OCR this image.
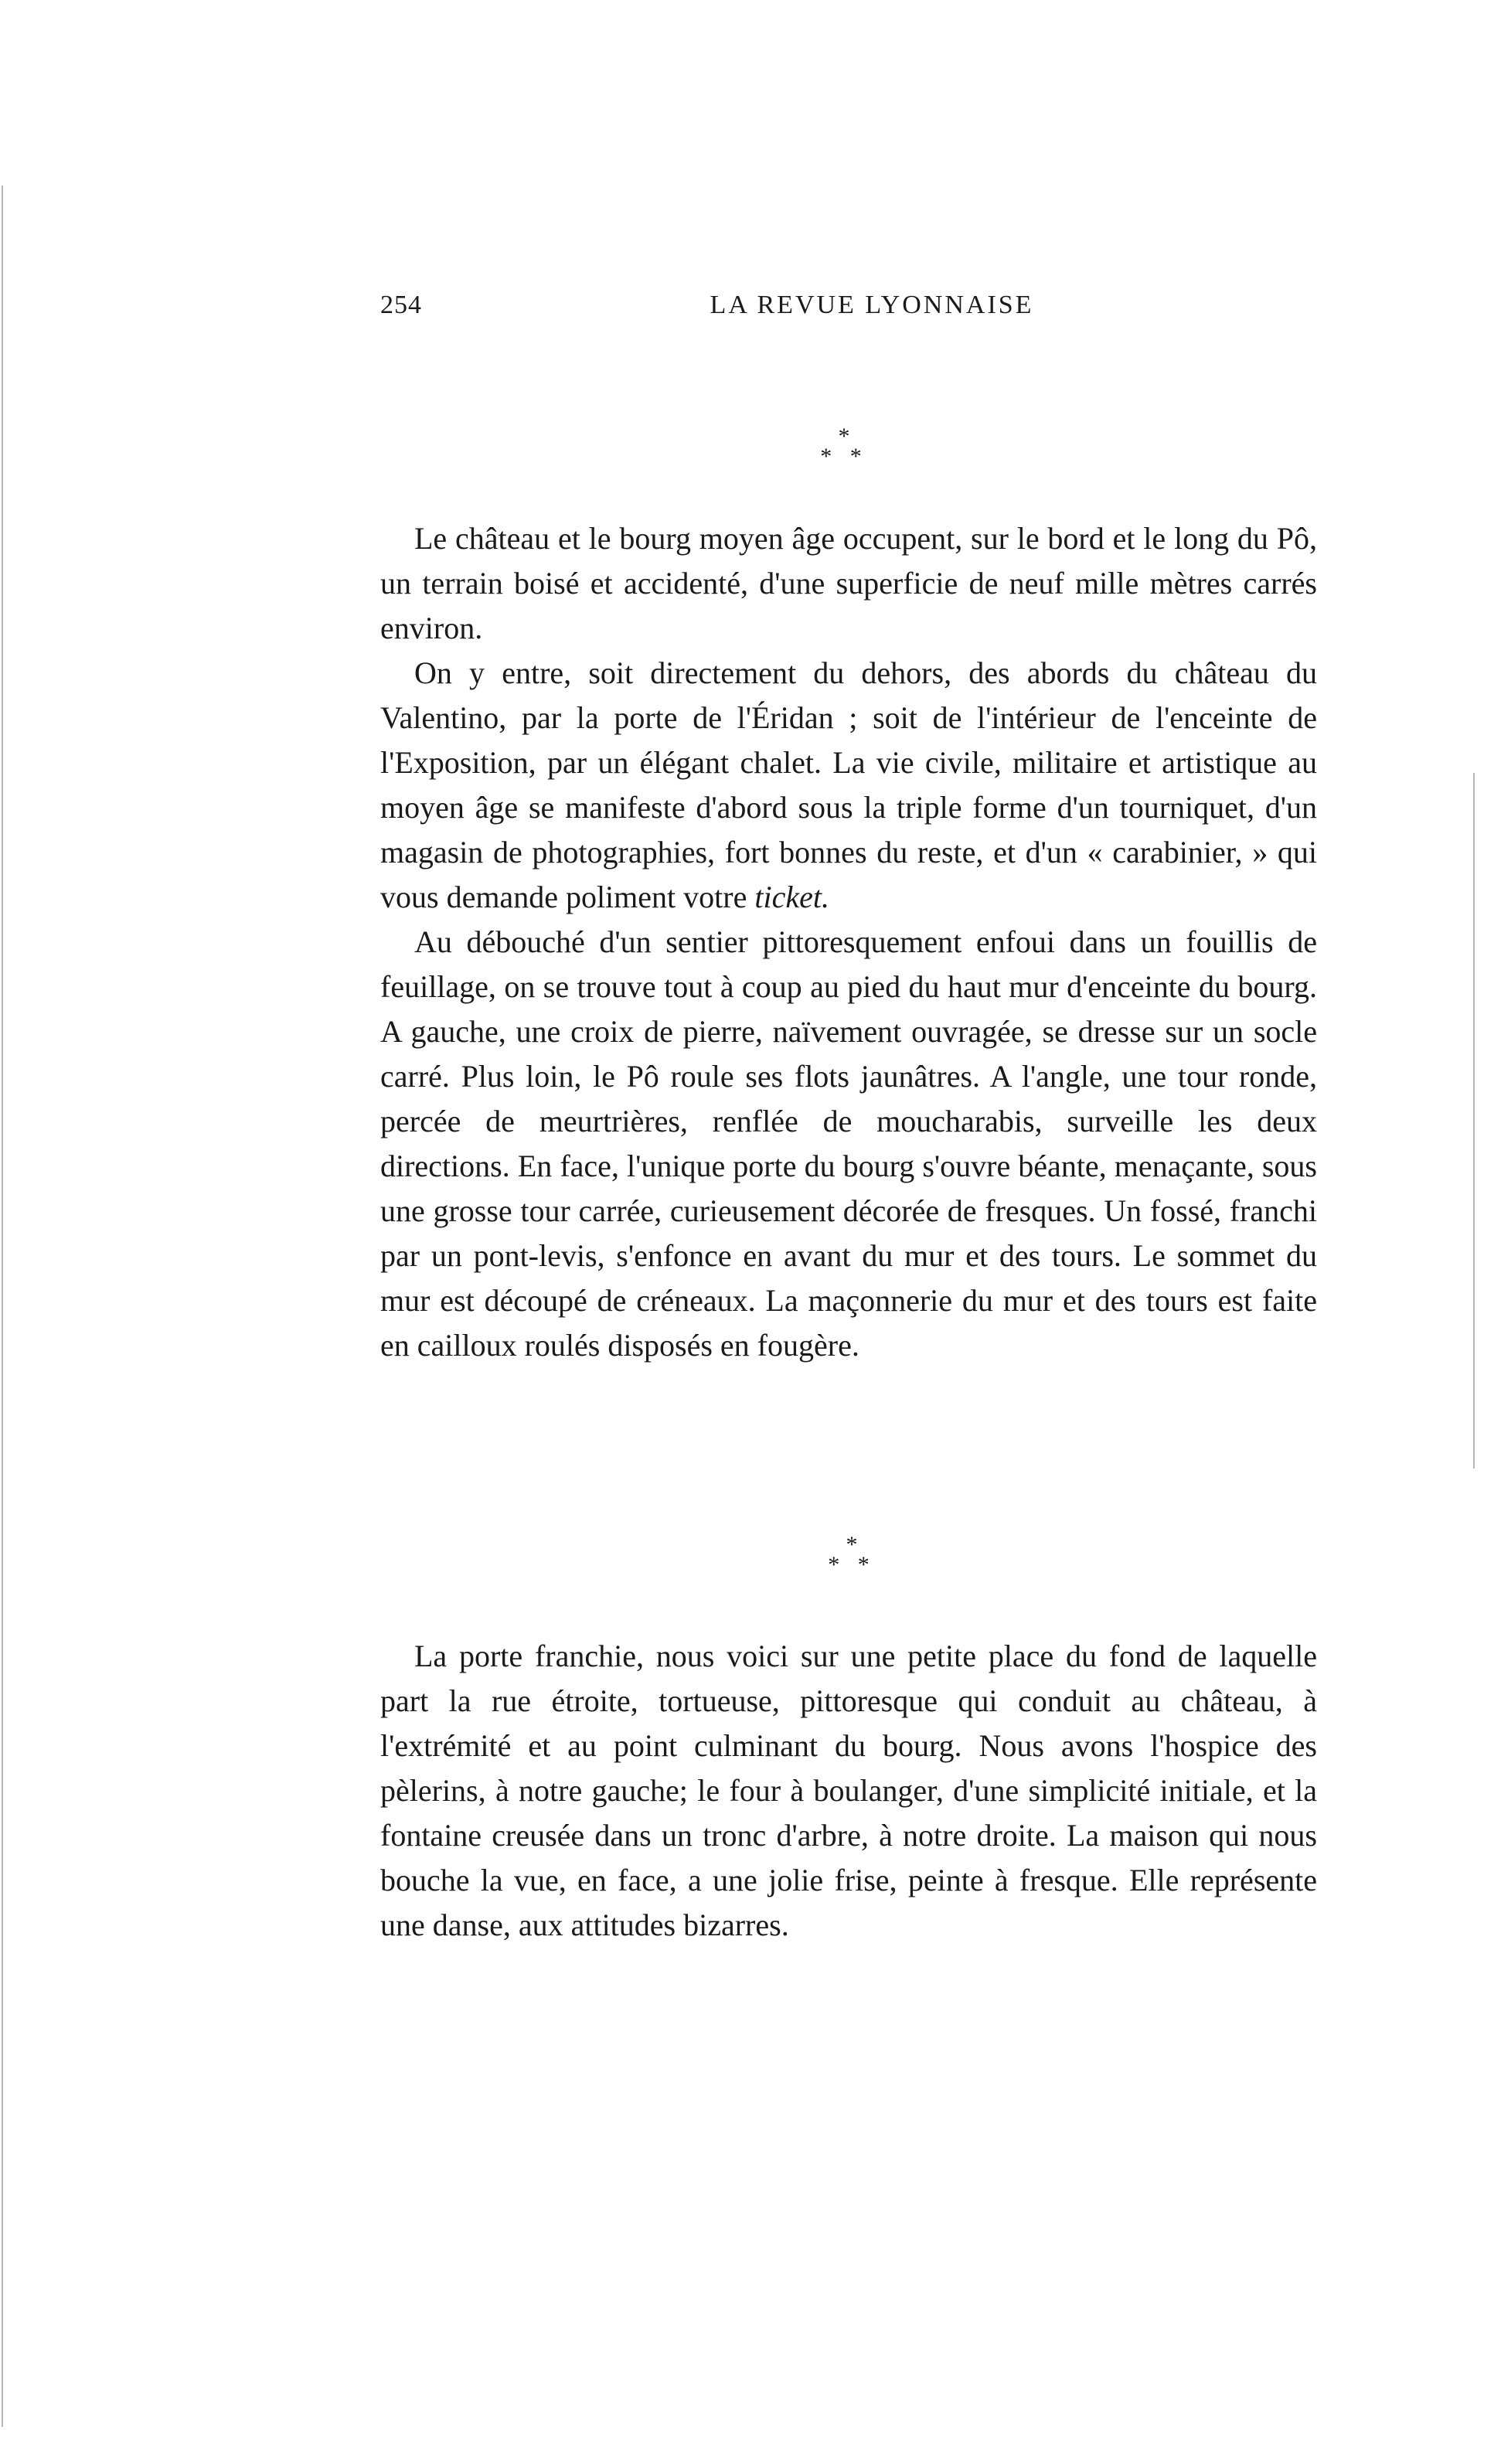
254	LA REVUE LYONNAISE
*
* *

Le château et le bourg moyen âge occupent, sur le bord et le long du Pô, un terrain boisé et accidenté, d'une superficie de neuf mille mètres carrés environ.

On y entre, soit directement du dehors, des abords du château du Valentino, par la porte de l'Éridan ; soit de l'intérieur de l'enceinte de l'Exposition, par un élégant chalet. La vie civile, militaire et artistique au moyen âge se manifeste d'abord sous la triple forme d'un tourniquet, d'un magasin de photographies, fort bonnes du reste, et d'un « carabinier, » qui vous demande poliment votre ticket.

Au débouché d'un sentier pittoresquement enfoui dans un fouillis de feuillage, on se trouve tout à coup au pied du haut mur d'enceinte du bourg. A gauche, une croix de pierre, naïvement ouvragée, se dresse sur un socle carré. Plus loin, le Pô roule ses flots jaunâtres. A l'angle, une tour ronde, percée de meurtrières, renflée de moucharabis, surveille les deux directions. En face, l'unique porte du bourg s'ouvre béante, menaçante, sous une grosse tour carrée, curieusement décorée de fresques. Un fossé, franchi par un pont-levis, s'enfonce en avant du mur et des tours. Le sommet du mur est découpé de créneaux. La maçonnerie du mur et des tours est faite en cailloux roulés disposés en fougère.

*
* *

La porte franchie, nous voici sur une petite place du fond de laquelle part la rue étroite, tortueuse, pittoresque qui conduit au château, à l'extrémité et au point culminant du bourg. Nous avons l'hospice des pèlerins, à notre gauche; le four à boulanger, d'une simplicité initiale, et la fontaine creusée dans un tronc d'arbre, à notre droite. La maison qui nous bouche la vue, en face, a une jolie frise, peinte à fresque. Elle représente une danse, aux attitudes bizarres.
